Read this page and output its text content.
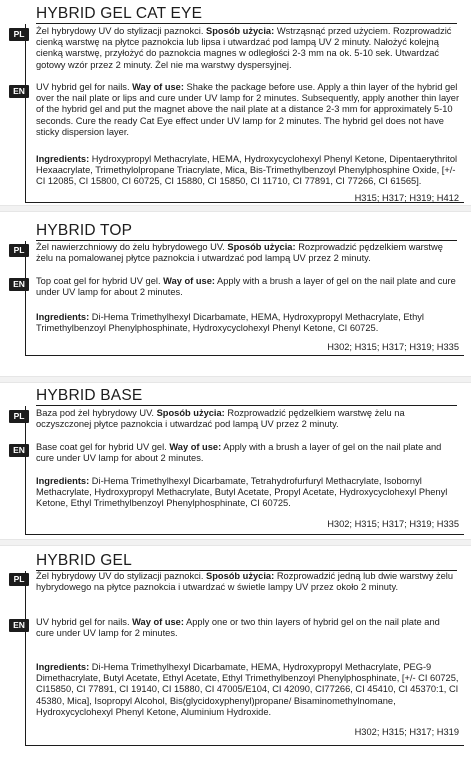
HYBRID GEL CAT EYE
PL	Żel hybrydowy UV do stylizacji paznokci. Sposób użycia: Wstrząsnąć przed użyciem. Rozprowadzić cienką warstwę na płytce paznokcia lub lipsa i utwardzać pod lampą UV 2 minuty. Nałożyć kolejną cienką warstwę, przyłożyć do paznokcia magnes w odległości 2-3 mm na ok. 5-10 sek. Utwardzać gotowy wzór przez 2 minuty. Żel nie ma warstwy dyspersyjnej.

EN	UV hybrid gel for nails. Way of use: Shake the package before use. Apply a thin layer of the hybrid gel over the nail plate or lips and cure under UV lamp for 2 minutes. Subsequently, apply another thin layer of the hybrid gel and put the magnet above the nail plate at a distance 2-3 mm for approximately 5-10 seconds. Cure the ready Cat Eye effect under UV lamp for 2 minutes. The hybrid gel does not have sticky dispersion layer.

Ingredients: Hydroxypropyl Methacrylate, HEMA, Hydroxycyclohexyl Phenyl Ketone, Dipentaerythritol Hexaacrylate, Trimethylolpropane Triacrylate, Mica, Bis-Trimethylbenzoyl Phenylphosphine Oxide, [+/- CI 12085, CI 15800, CI 60725, CI 15880, CI 15850, CI 11710, CI 77891, CI 77266, CI 61565].

H315; H317; H319; H412
HYBRID TOP
PL	Żel nawierzchniowy do żelu hybrydowego UV. Sposób użycia: Rozprowadzić pędzelkiem warstwę żelu na pomalowanej płytce paznokcia i utwardzać pod lampą UV przez 2 minuty.

EN	Top coat gel for hybrid UV gel. Way of use: Apply with a brush a layer of gel on the nail plate and cure under UV lamp for about 2 minutes.

Ingredients: Di-Hema Trimethylhexyl Dicarbamate, HEMA, Hydroxypropyl Methacrylate, Ethyl Trimethylbenzoyl Phenylphosphinate, Hydroxycyclohexyl Phenyl Ketone, CI 60725.

H302; H315; H317; H319; H335
HYBRID BASE
PL	Baza pod żel hybrydowy UV. Sposób użycia: Rozprowadzić pędzelkiem warstwę żelu na oczyszczonej płytce paznokcia i utwardzać pod lampą UV przez 2 minuty.

EN	Base coat gel for hybrid UV gel. Way of use: Apply with a brush a layer of gel on the nail plate and cure under UV lamp for about 2 minutes.

Ingredients: Di-Hema Trimethylhexyl Dicarbamate, Tetrahydrofurfuryl Methacrylate, Isobornyl Methacrylate, Hydroxypropyl Methacrylate, Butyl Acetate, Propyl Acetate, Hydroxycyclohexyl Phenyl Ketone, Ethyl Trimethylbenzoyl Phenylphosphinate, CI 60725.

H302; H315; H317; H319; H335
HYBRID GEL
PL	Żel hybrydowy UV do stylizacji paznokci. Sposób użycia: Rozprowadzić jedną lub dwie warstwy żelu hybrydowego na płytce paznokcia i utwardzać w świetle lampy UV przez około 2 minuty.

EN	UV hybrid gel for nails. Way of use: Apply one or two thin layers of hybrid gel on the nail plate and cure under UV lamp for 2 minutes.

Ingredients: Di-Hema Trimethylhexyl Dicarbamate, HEMA, Hydroxypropyl Methacrylate, PEG-9 Dimethacrylate, Butyl Acetate, Ethyl Acetate, Ethyl Trimethylbenzoyl Phenylphosphinate, [+/- CI 60725, CI15850, CI 77891, CI 19140, CI 15880, CI 47005/E104, CI 42090, CI77266, CI 45410, CI 45370:1, CI 45380, Mica], Isopropyl Alcohol, Bis(glycidoxyphenyl)propane/ Bisaminomethylnomane, Hydroxycyclohexyl Phenyl Ketone, Aluminium Hydroxide.

H302; H315; H317; H319
